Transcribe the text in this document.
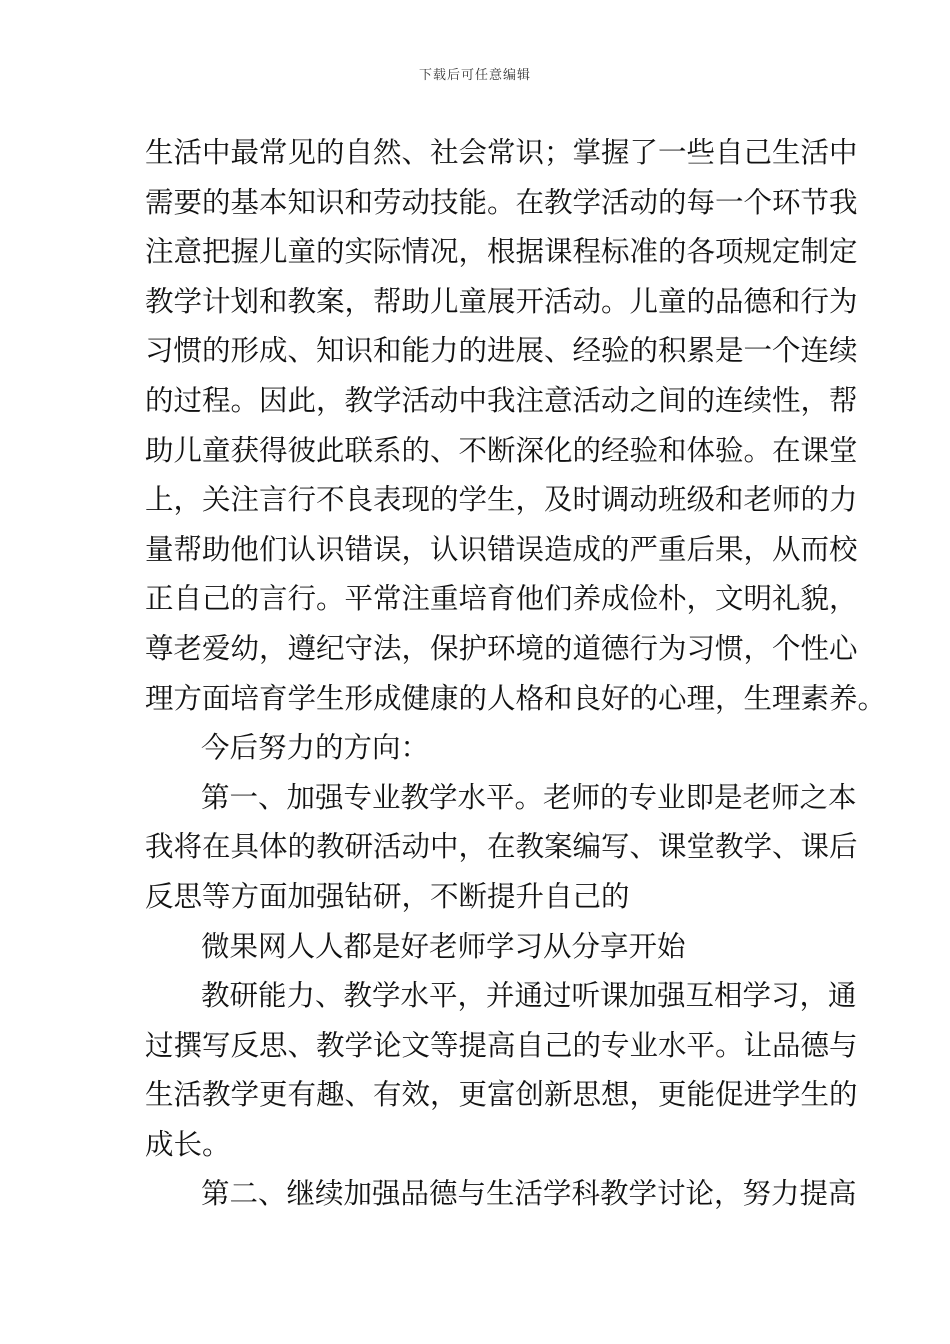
下载后可任意编辑
生活中最常见的自然、社会常识；掌握了一些自己生活中
需要的基本知识和劳动技能。在教学活动的每一个环节我
注意把握儿童的实际情况，根据课程标准的各项规定制定
教学计划和教案，帮助儿童展开活动。儿童的品德和行为
习惯的形成、知识和能力的进展、经验的积累是一个连续
的过程。因此，教学活动中我注意活动之间的连续性，帮
助儿童获得彼此联系的、不断深化的经验和体验。在课堂
上，关注言行不良表现的学生，及时调动班级和老师的力
量帮助他们认识错误，认识错误造成的严重后果，从而校
正自己的言行。平常注重培育他们养成俭朴，文明礼貌，
尊老爱幼，遵纪守法，保护环境的道德行为习惯，个性心
理方面培育学生形成健康的人格和良好的心理，生理素养。
今后努力的方向：
第一、加强专业教学水平。老师的专业即是老师之本
我将在具体的教研活动中，在教案编写、课堂教学、课后
反思等方面加强钻研，不断提升自己的
微果网人人都是好老师学习从分享开始
教研能力、教学水平，并通过听课加强互相学习，通
过撰写反思、教学论文等提高自己的专业水平。让品德与
生活教学更有趣、有效，更富创新思想，更能促进学生的
成长。
第二、继续加强品德与生活学科教学讨论，努力提高
